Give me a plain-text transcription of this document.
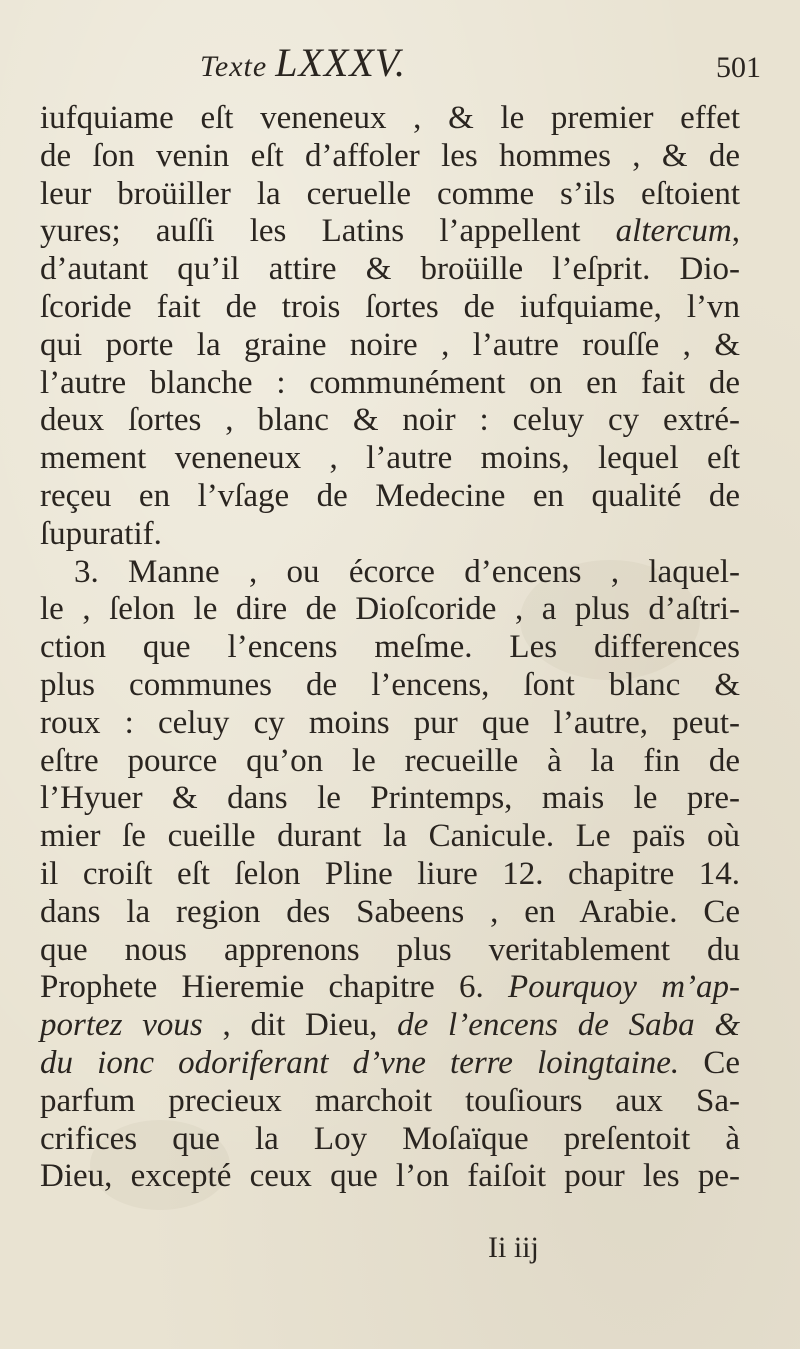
Texte LXXXV.	501
iufquiame eſt veneneux , & le premier effet
de ſon venin eſt d’affoler les hommes , & de
leur broüiller la ceruelle comme s’ils eſtoient
yures; auſſi les Latins l’appellent altercum,
d’autant qu’il attire & broüille l’eſprit. Dio-
ſcoride fait de trois ſortes de iufquiame, l’vn
qui porte la graine noire , l’autre rouſſe , &
l’autre blanche : communément on en fait de
deux ſortes , blanc & noir : celuy cy extré-
mement veneneux , l’autre moins, lequel eſt
reçeu en l’vſage de Medecine en qualité de
ſupuratif.
3. Manne , ou écorce d’encens , laquel-
le , ſelon le dire de Dioſcoride , a plus d’aſtri-
ction que l’encens meſme. Les differences
plus communes de l’encens, ſont blanc &
roux : celuy cy moins pur que l’autre, peut-
eſtre pource qu’on le recueille à la fin de
l’Hyuer & dans le Printemps, mais le pre-
mier ſe cueille durant la Canicule. Le païs où
il croiſt eſt ſelon Pline liure 12. chapitre 14.
dans la region des Sabeens , en Arabie. Ce
que nous apprenons plus veritablement du
Prophete Hieremie chapitre 6. Pourquoy m’ap-
portez vous , dit Dieu, de l’encens de Saba &
du ionc odoriferant d’vne terre loingtaine. Ce
parfum precieux marchoit touſiours aux Sa-
crifices que la Loy Moſaïque preſentoit à
Dieu, excepté ceux que l’on faiſoit pour les pe-
Ii iij
